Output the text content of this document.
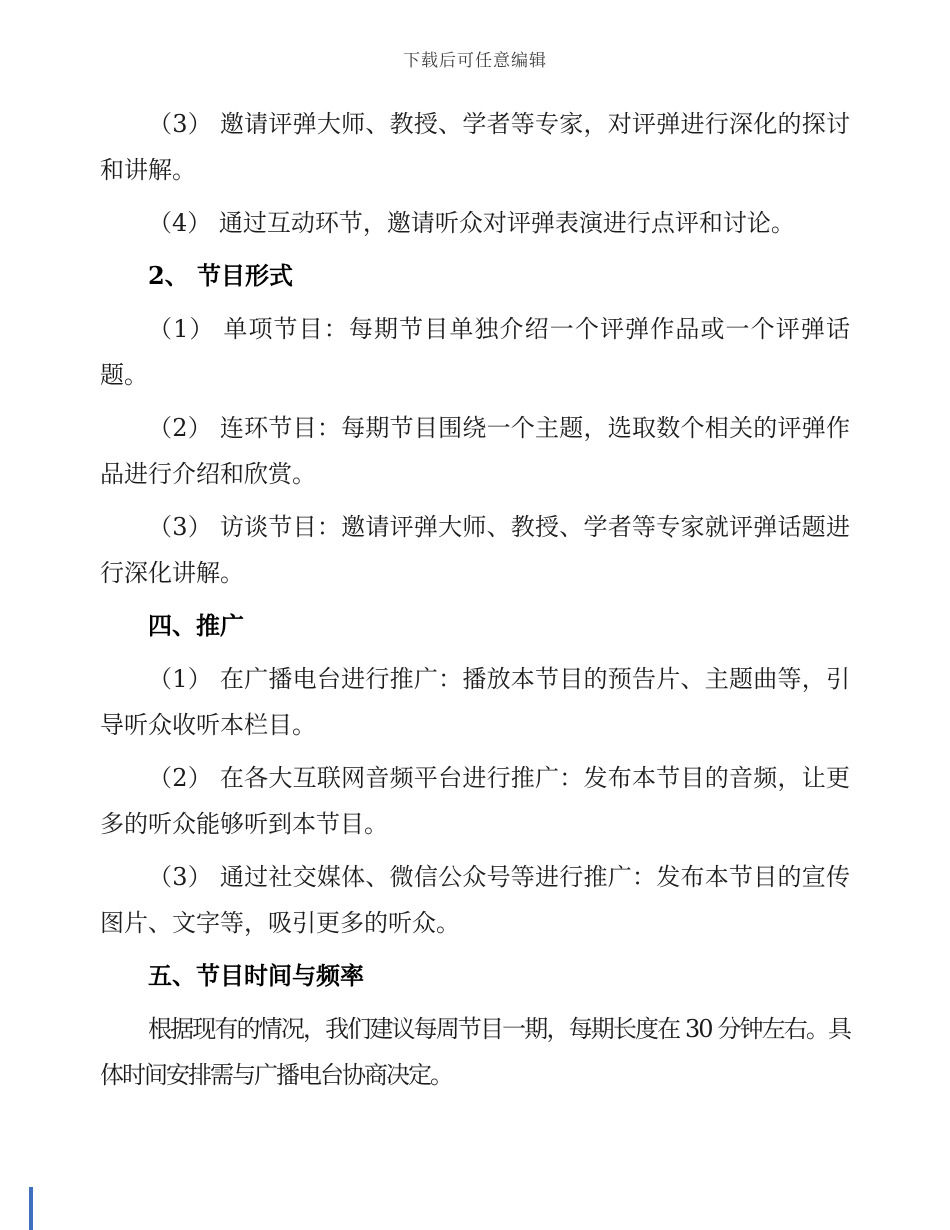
下载后可任意编辑

（3） 邀请评弹大师、教授、学者等专家，对评弹进行深化的探讨和讲解。

（4） 通过互动环节，邀请听众对评弹表演进行点评和讨论。

2、 节目形式

（1） 单项节目：每期节目单独介绍一个评弹作品或一个评弹话题。

（2） 连环节目：每期节目围绕一个主题，选取数个相关的评弹作品进行介绍和欣赏。

（3） 访谈节目：邀请评弹大师、教授、学者等专家就评弹话题进行深化讲解。

四、推广

（1） 在广播电台进行推广：播放本节目的预告片、主题曲等，引导听众收听本栏目。

（2） 在各大互联网音频平台进行推广：发布本节目的音频，让更多的听众能够听到本节目。

（3） 通过社交媒体、微信公众号等进行推广：发布本节目的宣传图片、文字等，吸引更多的听众。

五、节目时间与频率

根据现有的情况，我们建议每周节目一期，每期长度在 30 分钟左右。具体时间安排需与广播电台协商决定。
